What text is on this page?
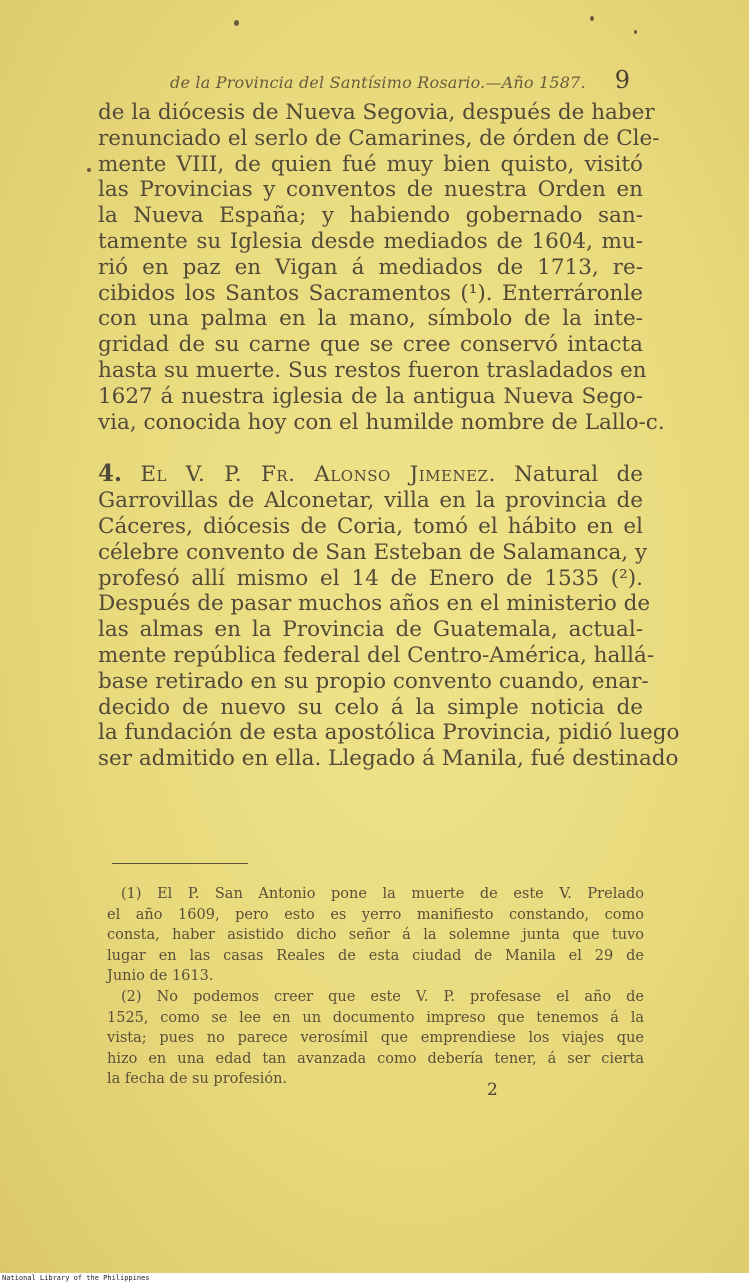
de la Provincia del Santísimo Rosario.—Año 1587. 9
de la diócesis de Nueva Segovia, después de haber
renunciado el serlo de Camarines, de órden de Cle-
mente VIII, de quien fué muy bien quisto, visitó
las Provincias y conventos de nuestra Orden en
la Nueva España; y habiendo gobernado san-
tamente su Iglesia desde mediados de 1604, mu-
rió en paz en Vigan á mediados de 1713, re-
cibidos los Santos Sacramentos (¹). Enterráronle
con una palma en la mano, símbolo de la inte-
gridad de su carne que se cree conservó intacta
hasta su muerte. Sus restos fueron trasladados en
1627 á nuestra iglesia de la antigua Nueva Sego-
via, conocida hoy con el humilde nombre de Lallo-c.
4. El V. P. Fr. Alonso Jimenez. Natural de
Garrovillas de Alconetar, villa en la provincia de
Cáceres, diócesis de Coria, tomó el hábito en el
célebre convento de San Esteban de Salamanca, y
profesó allí mismo el 14 de Enero de 1535 (²).
Después de pasar muchos años en el ministerio de
las almas en la Provincia de Guatemala, actual-
mente república federal del Centro-América, hallá-
base retirado en su propio convento cuando, enar-
decido de nuevo su celo á la simple noticia de
la fundación de esta apostólica Provincia, pidió luego
ser admitido en ella. Llegado á Manila, fué destinado
(1) El P. San Antonio pone la muerte de este V. Prelado
el año 1609, pero esto es yerro manifiesto constando, como
consta, haber asistido dicho señor á la solemne junta que tuvo
lugar en las casas Reales de esta ciudad de Manila el 29 de
Junio de 1613.
(2) No podemos creer que este V. P. profesase el año de
1525, como se lee en un documento impreso que tenemos á la
vista; pues no parece verosímil que emprendiese los viajes que
hizo en una edad tan avanzada como debería tener, á ser cierta
la fecha de su profesión.
2
National Library of the Philippines
